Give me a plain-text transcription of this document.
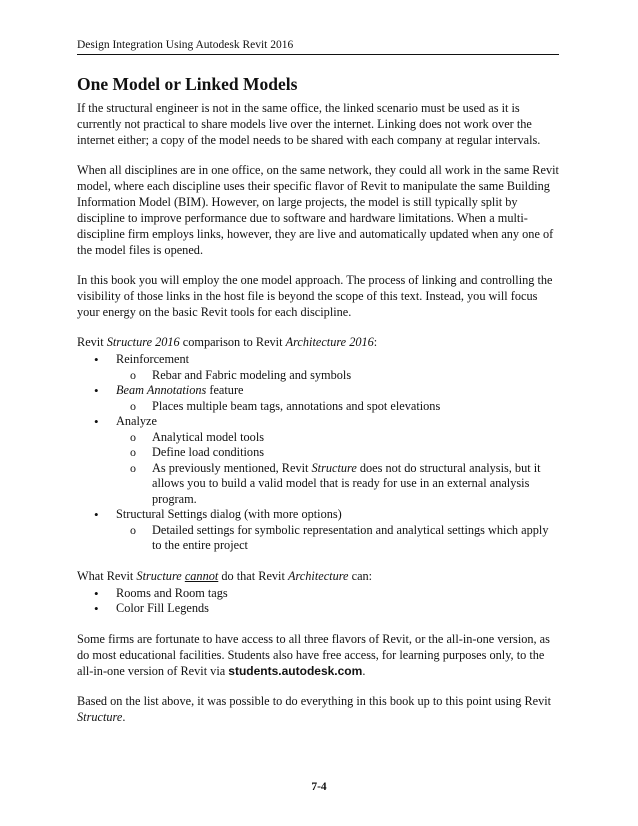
Design Integration Using Autodesk Revit 2016
One Model or Linked Models

If the structural engineer is not in the same office, the linked scenario must be used as it is currently not practical to share models live over the internet. Linking does not work over the internet either; a copy of the model needs to be shared with each company at regular intervals.

When all disciplines are in one office, on the same network, they could all work in the same Revit model, where each discipline uses their specific flavor of Revit to manipulate the same Building Information Model (BIM). However, on large projects, the model is still typically split by discipline to improve performance due to software and hardware limitations. When a multi-discipline firm employs links, however, they are live and automatically updated when any one of the model files is opened.

In this book you will employ the one model approach. The process of linking and controlling the visibility of those links in the host file is beyond the scope of this text. Instead, you will focus your energy on the basic Revit tools for each discipline.

Revit Structure 2016 comparison to Revit Architecture 2016:

• Reinforcement
o Rebar and Fabric modeling and symbols
• Beam Annotations feature
o Places multiple beam tags, annotations and spot elevations
• Analyze
o Analytical model tools
o Define load conditions
o As previously mentioned, Revit Structure does not do structural analysis, but it allows you to build a valid model that is ready for use in an external analysis program.
• Structural Settings dialog (with more options)
o Detailed settings for symbolic representation and analytical settings which apply to the entire project

What Revit Structure cannot do that Revit Architecture can:

• Rooms and Room tags
• Color Fill Legends

Some firms are fortunate to have access to all three flavors of Revit, or the all-in-one version, as do most educational facilities. Students also have free access, for learning purposes only, to the all-in-one version of Revit via students.autodesk.com.

Based on the list above, it was possible to do everything in this book up to this point using Revit Structure.

7-4
